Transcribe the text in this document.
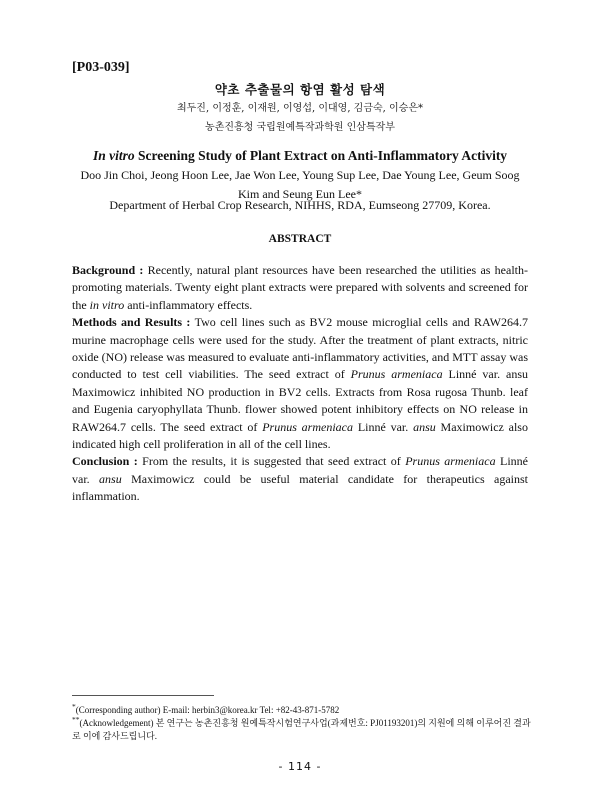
[P03-039]
약초 추출물의 항염 활성 탐색
최두진, 이정훈, 이재원, 이영섭, 이대영, 김금숙, 이승은*
농촌진흥청 국립원예특작과학원 인삼특작부
In vitro Screening Study of Plant Extract on Anti-Inflammatory Activity
Doo Jin Choi, Jeong Hoon Lee, Jae Won Lee, Young Sup Lee, Dae Young Lee, Geum Soog Kim and Seung Eun Lee*
Department of Herbal Crop Research, NIHHS, RDA, Eumseong 27709, Korea.
ABSTRACT

Background : Recently, natural plant resources have been researched the utilities as health-promoting materials. Twenty eight plant extracts were prepared with solvents and screened for the in vitro anti-inflammatory effects.

Methods and Results : Two cell lines such as BV2 mouse microglial cells and RAW264.7 murine macrophage cells were used for the study. After the treatment of plant extracts, nitric oxide (NO) release was measured to evaluate anti-inflammatory activities, and MTT assay was conducted to test cell viabilities. The seed extract of Prunus armeniaca Linné var. ansu Maximowicz inhibited NO production in BV2 cells. Extracts from Rosa rugosa Thunb. leaf and Eugenia caryophyllata Thunb. flower showed potent inhibitory effects on NO release in RAW264.7 cells. The seed extract of Prunus armeniaca Linné var. ansu Maximowicz also indicated high cell proliferation in all of the cell lines.

Conclusion : From the results, it is suggested that seed extract of Prunus armeniaca Linné var. ansu Maximowicz could be useful material candidate for therapeutics against inflammation.

*(Corresponding author) E-mail: herbin3@korea.kr Tel: +82-43-871-5782
**(Acknowledgement) 본 연구는 농촌진흥청 원예특작시험연구사업(과제번호: PJ01193201)의 지원에 의해 이루어진 결과로 이에 감사드립니다.
- 114 -
